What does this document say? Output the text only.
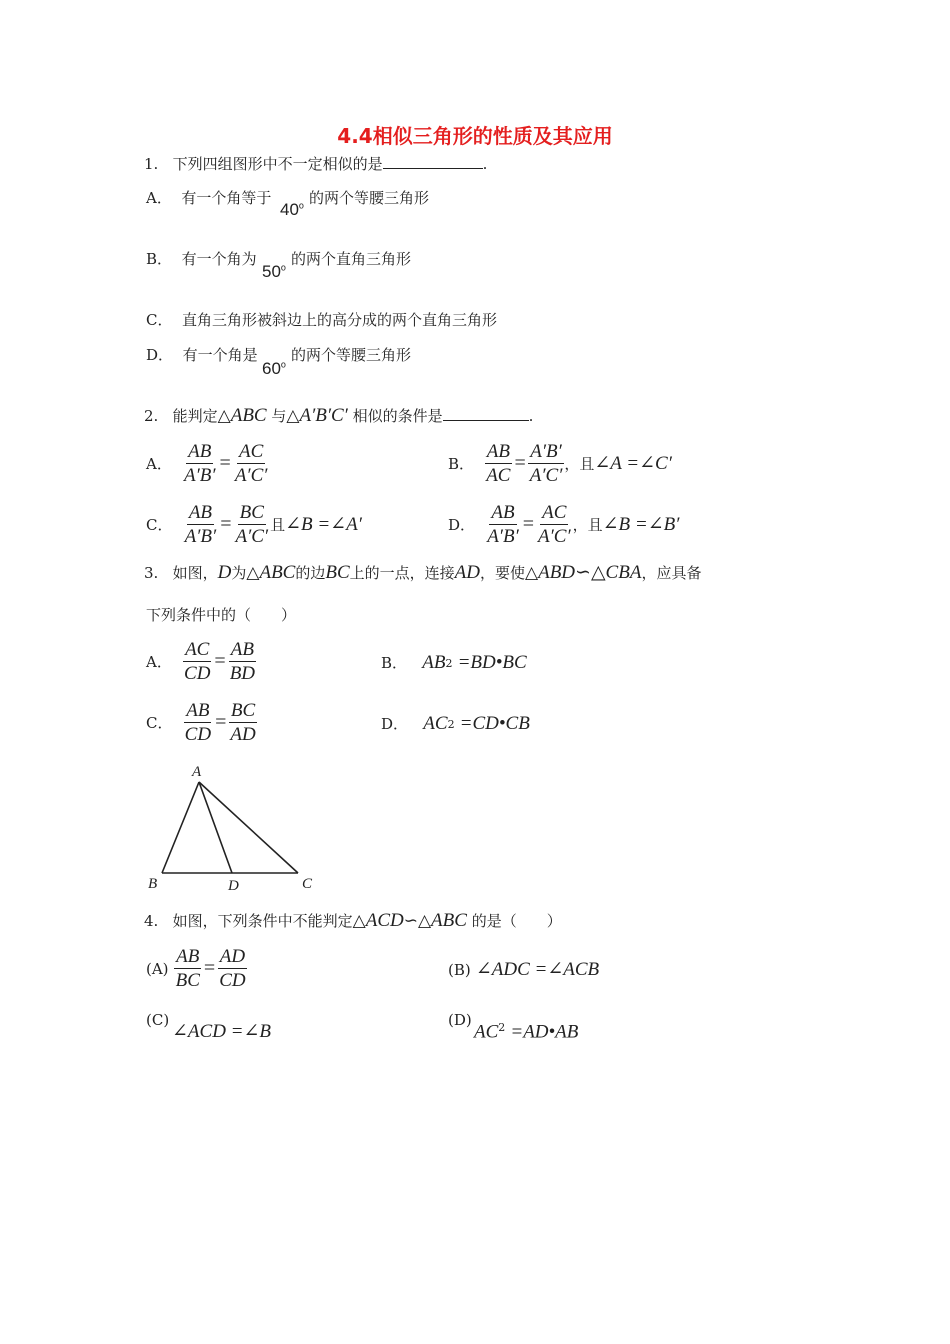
4.4相似三角形的性质及其应用
1. 下列四组图形中不一定相似的是	.
A． 有一个角等于
40$^o$ 的两个等腰三角形
B． 有一个角为
50$^o$ 的两个直角三角形
C． 直角三角形被斜边上的高分成的两个直角三角形
D． 有一个角是
60$^o$
的两个等腰三角形
2. 能判定△ABC 与△A′B′C′ 相似的条件是	.
A．
$\frac{AB}{A'B'} = \frac{AC}{A'C'}$	B．
$\frac{AB}{AC} = \frac{A'B'}{A'C'}$ ，且 ∠A =∠C′
C．
$\frac{AB}{A'B'} = \frac{BC}{A'C'}$ 且 ∠B =∠A′	D．
$\frac{AB}{A'B'} = \frac{AC}{A'C'}$ ，且 ∠B =∠B′
3. 如图，D为△ABC的边BC上的一点，连接AD，要使△ABD∽△CBA，应具备
下列条件中的（　　）
A．
$\frac{AC}{CD} = \frac{AB}{BD}$	B．
AB 2
=BD•BC
C．
$\frac{AB}{CD} = \frac{BC}{AD}$	D．
AC 2
=CD•CB
A
B	D	C
4. 如图，下列条件中不能判定△ACD∽△ABC 的是（　　）
(A)
$\frac{AB}{BC} = \frac{AD}{CD}$	(B)
∠ADC =∠ACB
(C)
∠ACD =∠B
(D)
$AC^2$ =AD•AB
